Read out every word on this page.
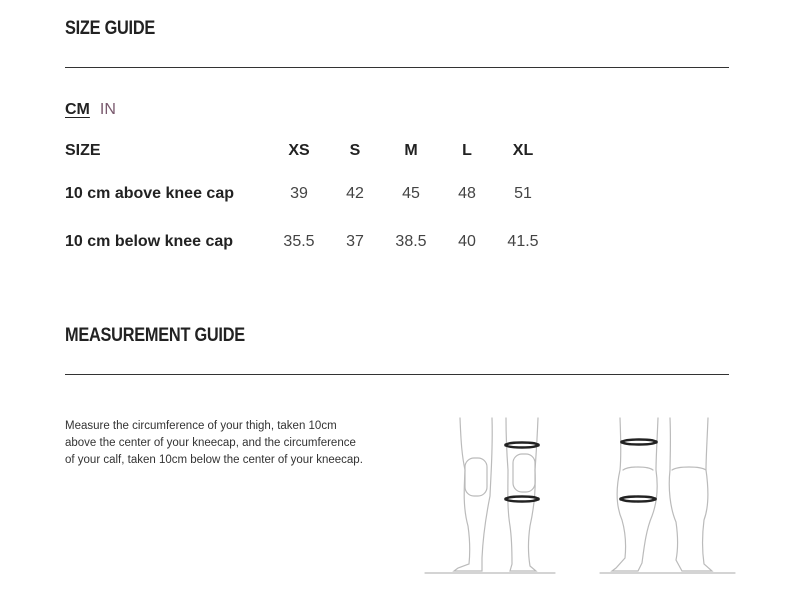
SIZE GUIDE
CM IN
SIZE	XS	S	M	L	XL
10 cm above knee cap	39	42	45	48	51
10 cm below knee cap	35.5	37	38.5	40	41.5
MEASUREMENT GUIDE
Measure the circumference of your thigh, taken 10cm above the center of your kneecap, and the circumference of your calf, taken 10cm below the center of your kneecap.
